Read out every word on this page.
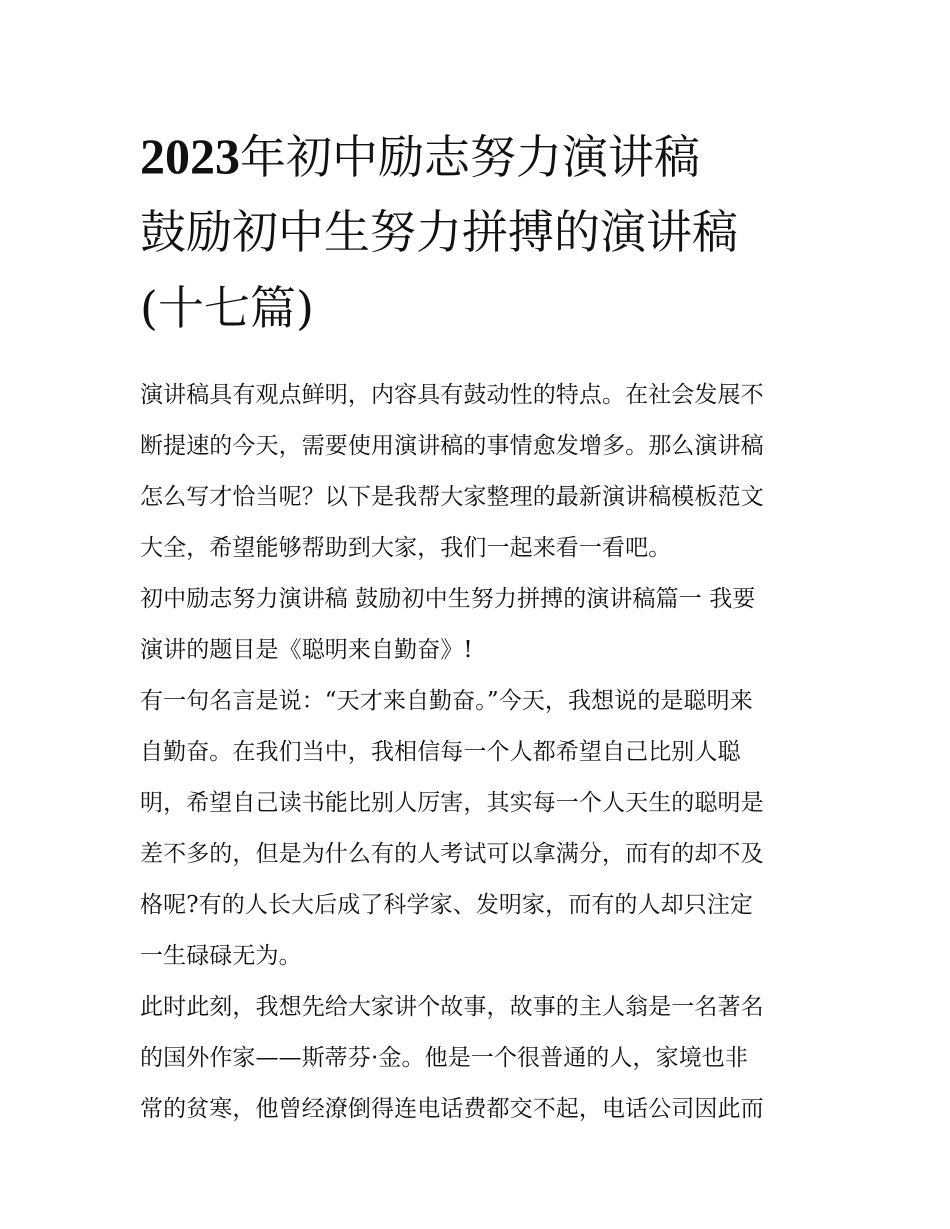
2023年初中励志努力演讲稿
鼓励初中生努力拼搏的演讲稿
(十七篇)
演讲稿具有观点鲜明，内容具有鼓动性的特点。在社会发展不
断提速的今天，需要使用演讲稿的事情愈发增多。那么演讲稿
怎么写才恰当呢？以下是我帮大家整理的最新演讲稿模板范文
大全，希望能够帮助到大家，我们一起来看一看吧。
初中励志努力演讲稿 鼓励初中生努力拼搏的演讲稿篇一 我要
演讲的题目是《聪明来自勤奋》!
有一句名言是说：“天才来自勤奋。”今天，我想说的是聪明来
自勤奋。在我们当中，我相信每一个人都希望自己比别人聪
明，希望自己读书能比别人厉害，其实每一个人天生的聪明是
差不多的，但是为什么有的人考试可以拿满分，而有的却不及
格呢?有的人长大后成了科学家、发明家，而有的人却只注定
一生碌碌无为。
此时此刻，我想先给大家讲个故事，故事的主人翁是一名著名
的国外作家——斯蒂芬·金。他是一个很普通的人，家境也非
常的贫寒，他曾经潦倒得连电话费都交不起，电话公司因此而
